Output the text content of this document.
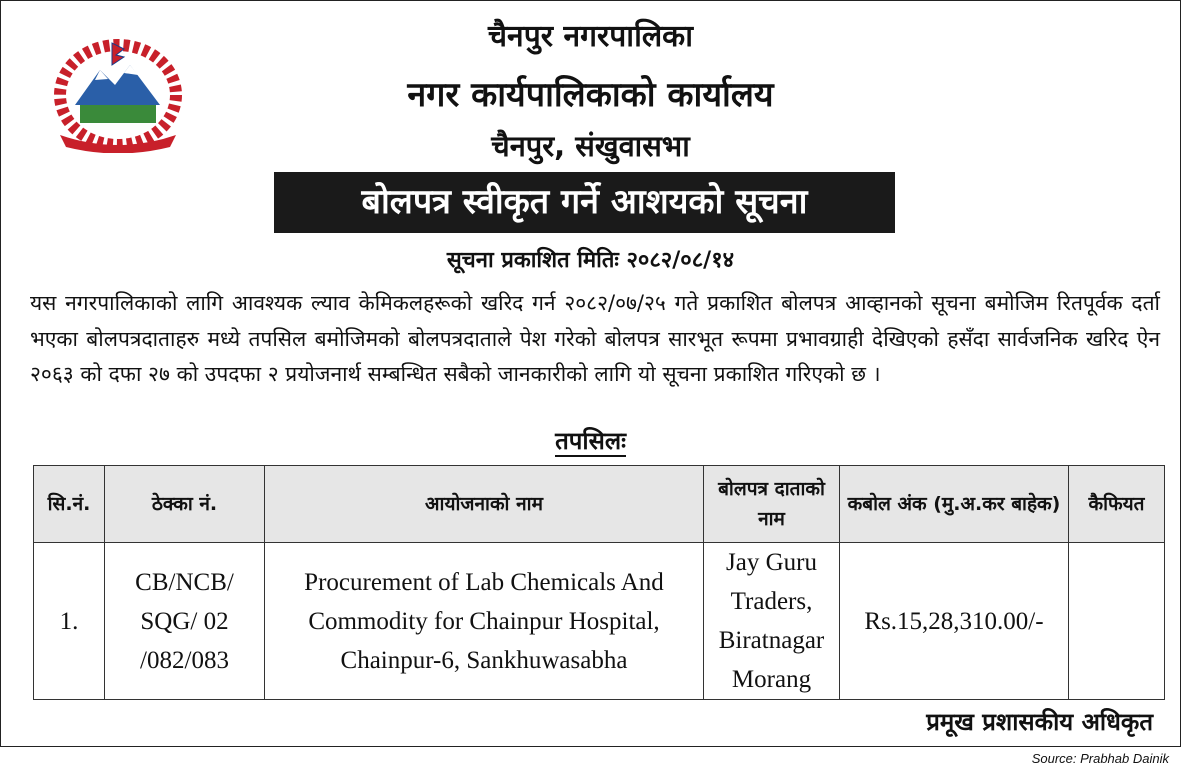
चैनपुर नगरपालिका
नगर कार्यपालिकाको कार्यालय
चैनपुर, संखुवासभा
बोलपत्र स्वीकृत गर्ने आशयको सूचना
सूचना प्रकाशित मितिः २०८२/०८/१४
यस नगरपालिकाको लागि आवश्यक ल्याव केमिकलहरूको खरिद गर्न २०८२/०७/२५ गते प्रकाशित बोलपत्र आव्हानको सूचना बमोजिम रितपूर्वक दर्ता भएका बोलपत्रदाताहरु मध्ये तपसिल बमोजिमको बोलपत्रदाताले पेश गरेको बोलपत्र सारभूत रूपमा प्रभावग्राही देखिएको हसँदा सार्वजनिक खरिद ऐन २०६३ को दफा २७ को उपदफा २ प्रयोजनार्थ सम्बन्धित सबैको जानकारीको लागि यो सूचना प्रकाशित गरिएको छ ।
तपसिलः
सि.नं.	ठेक्का नं.	आयोजनाको नाम	बोलपत्र दाताको नाम	कबोल अंक (मु.अ.कर बाहेक)	कैफियत
1.	CB/NCB/ SQG/ 02 /082/083	Procurement of Lab Chemicals And Commodity for Chainpur Hospital, Chainpur-6, Sankhuwasabha	Jay Guru Traders, Biratnagar Morang	Rs.15,28,310.00/-	
प्रमूख प्रशासकीय अधिकृत
Source: Prabhab Dainik
